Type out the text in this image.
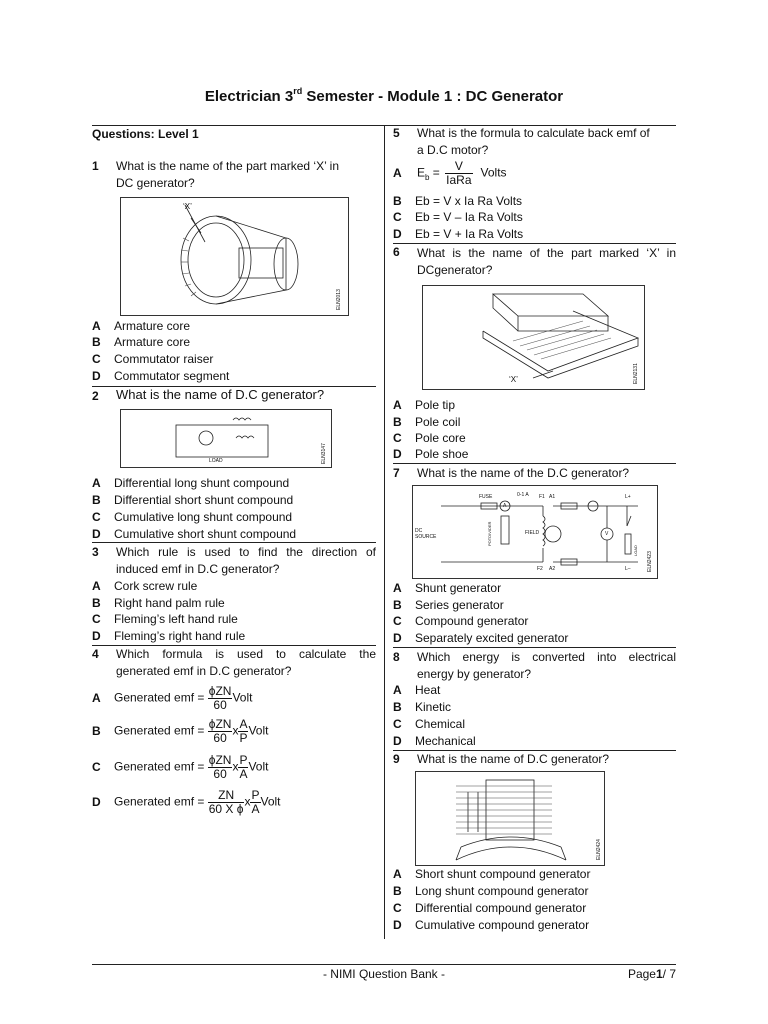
Electrician 3rd Semester - Module 1 : DC Generator
Questions: Level 1
1 What is the name of the part marked ‘X’ in
DC generator?
‘X’
ELN2013
A Armature core
B Armature core
C Commutator raiser
D Commutator segment
2 What is the name of D.C generator?
LOAD	ELN3147
A Differential long shunt compound
B Differential short shunt compound
C Cumulative long shunt compound
D Cumulative short shunt compound
3 Which rule is used to find the direction of
induced emf in D.C generator?
A Cork screw rule
B Right hand palm rule
C Fleming’s left hand rule
D Fleming’s right hand rule
4 Which formula is used to calculate the
generated emf in D.C generator?
A Generated emf = $\frac{\text{ϕZN}}{60}$ Volt
B Generated emf = $\frac{\text{ϕZN}}{60}$ x $\frac{A}{P}$ Volt
C Generated emf = $\frac{\text{ϕZN}}{60}$ x $\frac{P}{A}$ Volt
D Generated emf = $\frac{ZN}{\text{60 X ϕ}}$ x $\frac{P}{A}$ Volt
5 What is the formula to calculate back emf of
a D.C motor?
A $E_b = \frac{V}{\text{IaRa}}$ Volts
B Eb = V x Ia Ra Volts
C Eb = V – Ia Ra Volts
D Eb = V + Ia Ra Volts
6 What is the name of the part marked ‘X’ in
DCgenerator?
‘X’	ELN2131
A Pole tip
B Pole coil
C Pole core
D Pole shoe
7 What is the name of the D.C generator?
FUSE
DC SOURCE	POTDIVIDER	FIELD
0-1 A
A
V
F1
F2
A1
A2
L+
L–
LOAD
ELN2423
A Shunt generator
B Series generator
C Compound generator
D Separately excited generator
8 Which energy is converted into electrical
energy by generator?
A Heat
B Kinetic
C Chemical
D Mechanical
9 What is the name of D.C generator?
ELN2424
A Short shunt compound generator
B Long shunt compound generator
C Differential compound generator
D Cumulative compound generator
- NIMI Question Bank -	Page1/ 7
